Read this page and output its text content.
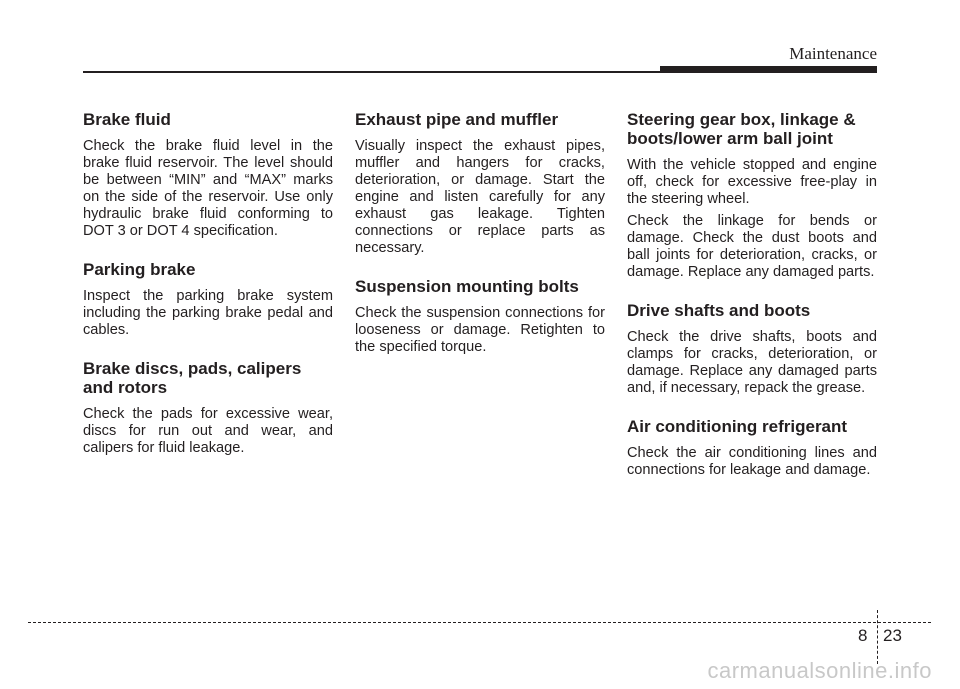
Maintenance
Brake fluid

Check the brake fluid level in the brake fluid reservoir. The level should be between “MIN” and “MAX” marks on the side of the reservoir. Use only hydraulic brake fluid conforming to DOT 3 or DOT 4 specification.

Parking brake

Inspect the parking brake system including the parking brake pedal and cables.

Brake discs, pads, calipers and rotors

Check the pads for excessive wear, discs for run out and wear, and calipers for fluid leakage.

Exhaust pipe and muffler

Visually inspect the exhaust pipes, muffler and hangers for cracks, deterioration, or damage. Start the engine and listen carefully for any exhaust gas leakage. Tighten connections or replace parts as necessary.

Suspension mounting bolts

Check the suspension connections for looseness or damage. Retighten to the specified torque.

Steering gear box, linkage & boots/lower arm ball joint

With the vehicle stopped and engine off, check for excessive free-play in the steering wheel.

Check the linkage for bends or damage. Check the dust boots and ball joints for deterioration, cracks, or damage. Replace any damaged parts.

Drive shafts and boots

Check the drive shafts, boots and clamps for cracks, deterioration, or damage. Replace any damaged parts and, if necessary, repack the grease.

Air conditioning refrigerant

Check the air conditioning lines and connections for leakage and damage.

8 23
carmanualsonline.info
